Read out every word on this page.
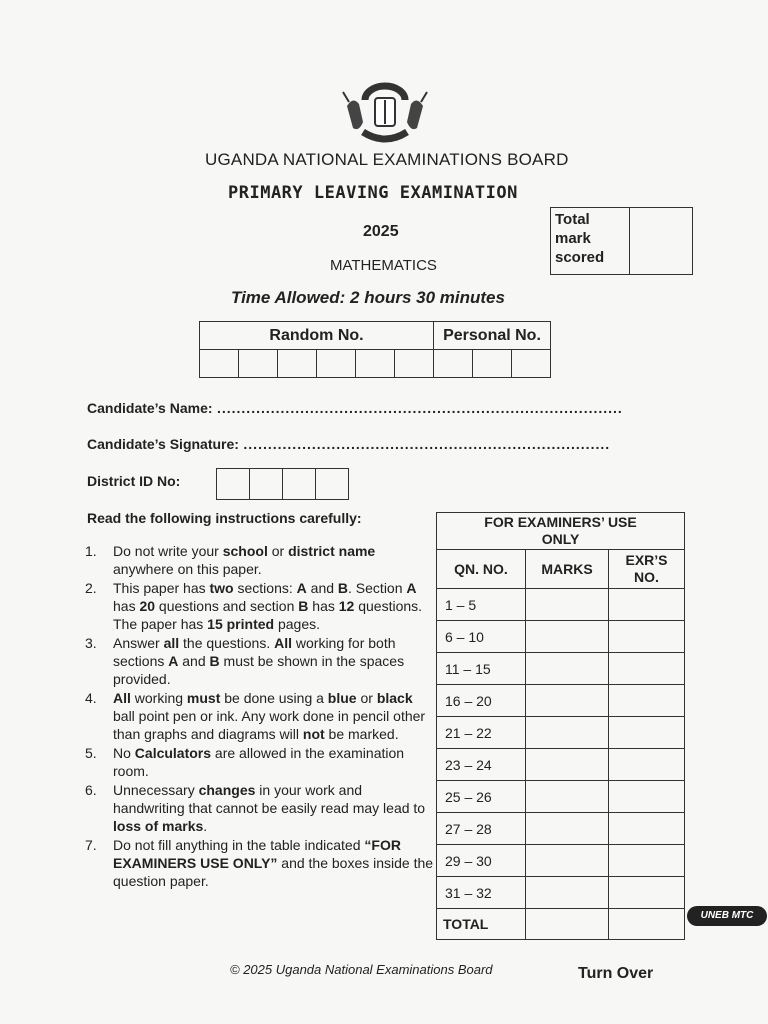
UGANDA NATIONAL EXAMINATIONS BOARD
PRIMARY LEAVING EXAMINATION
2025
MATHEMATICS
Time Allowed: 2 hours 30 minutes
Total mark scored	
Random No.						Personal No.		

Candidate’s Name: ...................................................................................
Candidate’s Signature: ...........................................................................
District ID No:

Read the following instructions carefully:
1. Do not write your school or district name anywhere on this paper.
2. This paper has two sections: A and B. Section A has 20 questions and section B has 12 questions. The paper has 15 printed pages.
3. Answer all the questions. All working for both sections A and B must be shown in the spaces provided.
4. All working must be done using a blue or black ball point pen or ink. Any work done in pencil other than graphs and diagrams will not be marked.
5. No Calculators are allowed in the examination room.
6. Unnecessary changes in your work and handwriting that cannot be easily read may lead to loss of marks.
7. Do not fill anything in the table indicated “FOR EXAMINERS USE ONLY” and the boxes inside the question paper.
FOR EXAMINERS’ USE ONLY		
QN. NO.	MARKS	EXR’S NO.
1 – 5		
6 – 10		
11 – 15		
16 – 20		
21 – 22		
23 – 24		
25 – 26		
27 – 28		
29 – 30		
31 – 32		
TOTAL		
© 2025 Uganda National Examinations Board	Turn Over
UNEB MTC
